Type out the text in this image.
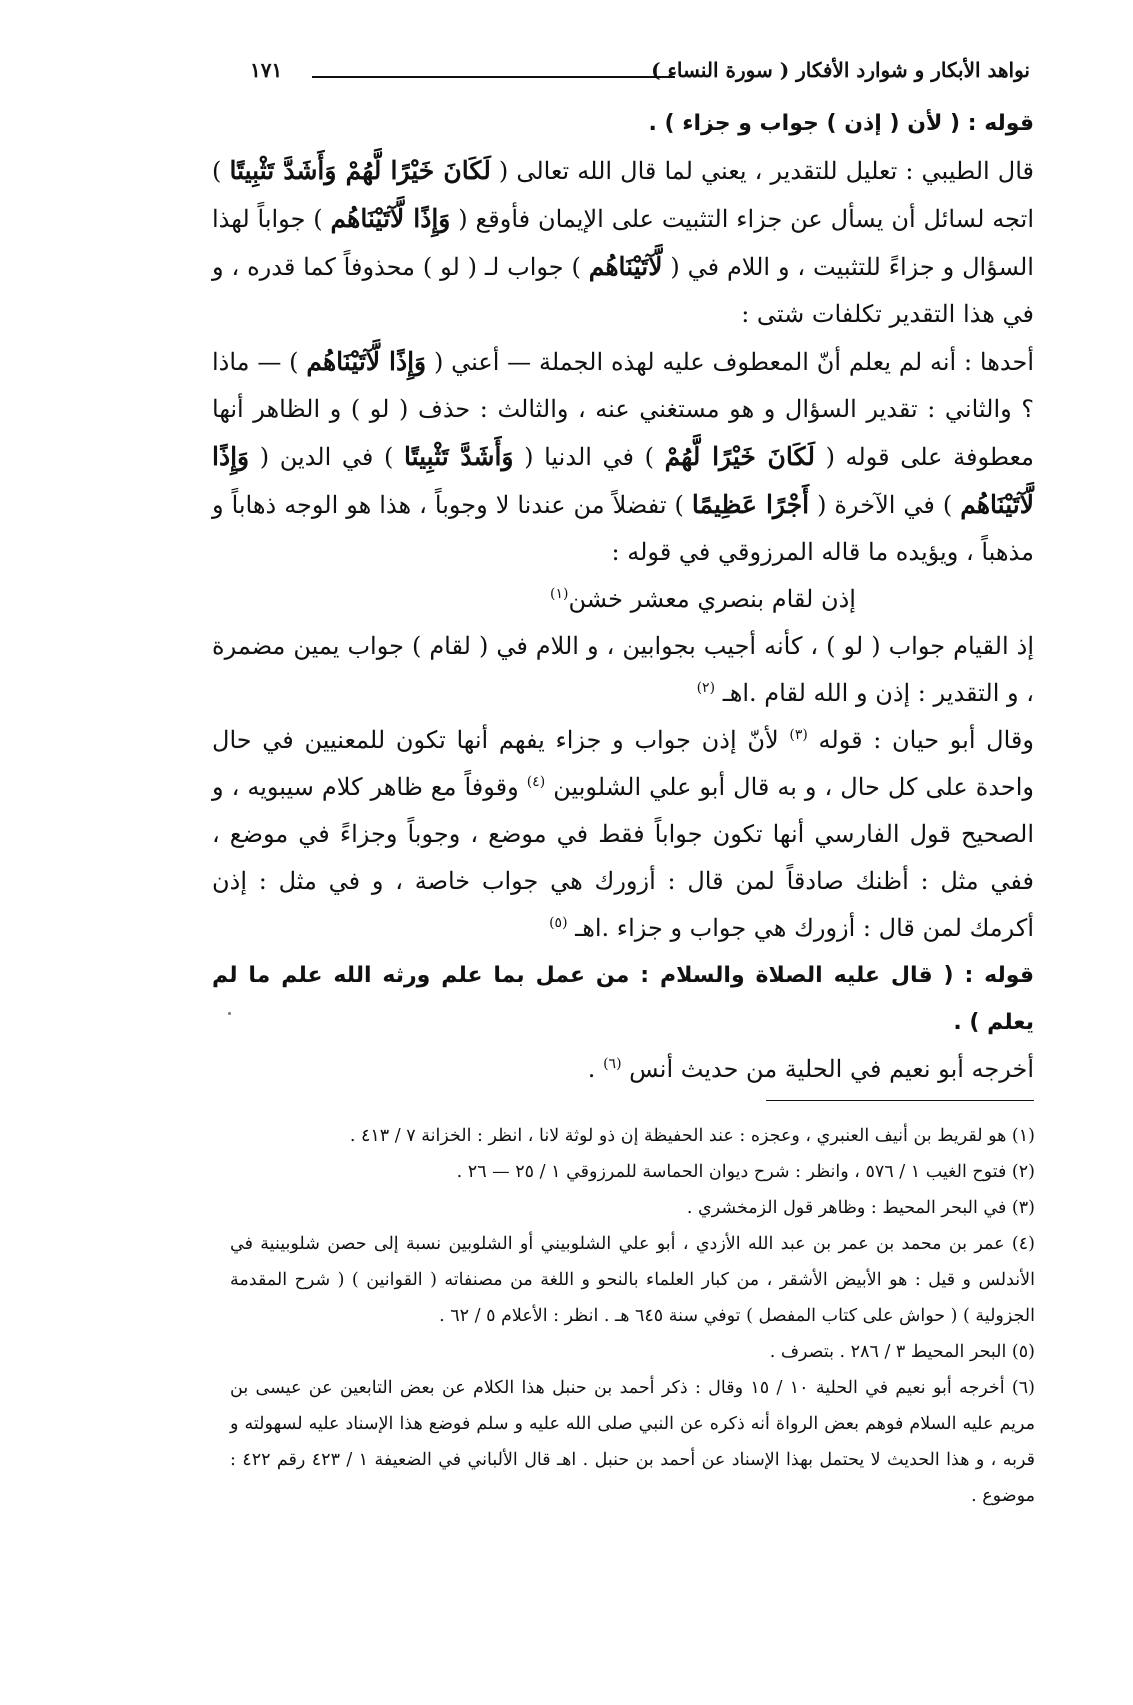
نواهد الأبكار و شوارد الأفكار ( سورة النساء )
١٧١

قوله : ( لأن ( إذن ) جواب و جزاء ) .

قال الطيبي : تعليل للتقدير ، يعني لما قال الله تعالى ( لَكَانَ خَيْرًا لَّهُمْ وَأَشَدَّ تَثْبِيتًا ) اتجه لسائل أن يسأل عن جزاء التثبيت على الإيمان فأوقع ( وَإِذًا لَّآتَيْنَاهُم ) جواباً لهذا السؤال و جزاءً للتثبيت ، و اللام في ( لَّآتَيْنَاهُم ) جواب لـ ( لو ) محذوفاً كما قدره ، و في هذا التقدير تكلفات شتى :

أحدها : أنه لم يعلم أنّ المعطوف عليه لهذه الجملة — أعني ( وَإِذًا لَّآتَيْنَاهُم ) — ماذا ؟ والثاني : تقدير السؤال و هو مستغني عنه ، والثالث : حذف ( لو ) و الظاهر أنها معطوفة على قوله ( لَكَانَ خَيْرًا لَّهُمْ ) في الدنيا ( وَأَشَدَّ تَثْبِيتًا ) في الدين ( وَإِذًا لَّآتَيْنَاهُم ) في الآخرة ( أَجْرًا عَظِيمًا ) تفضلاً من عندنا لا وجوباً ، هذا هو الوجه ذهاباً و مذهباً ، ويؤيده ما قاله المرزوقي في قوله :

إذن لقام بنصري معشر خشن$^{(١)}$

إذ القيام جواب ( لو ) ، كأنه أجيب بجوابين ، و اللام في ( لقام ) جواب يمين مضمرة ، و التقدير : إذن و الله لقام .اهـ $^{(٢)}$

وقال أبو حيان : قوله $^{(٣)}$ لأنّ إذن جواب و جزاء يفهم أنها تكون للمعنيين في حال واحدة على كل حال ، و به قال أبو علي الشلوبين $^{(٤)}$ وقوفاً مع ظاهر كلام سيبويه ، و الصحيح قول الفارسي أنها تكون جواباً فقط في موضع ، وجوباً وجزاءً في موضع ، ففي مثل : أظنك صادقاً لمن قال : أزورك هي جواب خاصة ، و في مثل : إذن أكرمك لمن قال : أزورك هي جواب و جزاء .اهـ $^{(٥)}$

قوله : ( قال عليه الصلاة والسلام : من عمل بما علم ورثه الله علم ما لم يعلم ) .

أخرجه أبو نعيم في الحلية من حديث أنس $^{(٦)}$ .

(١) هو لقريط بن أنيف العنبري ، وعجزه : عند الحفيظة إن ذو لوثة لانا ، انظر : الخزانة ٧ / ٤١٣ .

(٢) فتوح الغيب ١ / ٥٧٦ ، وانظر : شرح ديوان الحماسة للمرزوقي ١ / ٢٥ — ٢٦ .

(٣) في البحر المحيط : وظاهر قول الزمخشري .

(٤) عمر بن محمد بن عمر بن عبد الله الأزدي ، أبو علي الشلوبيني أو الشلوبين نسبة إلى حصن شلوبينية في الأندلس و قيل : هو الأبيض الأشقر ، من كبار العلماء بالنحو و اللغة من مصنفاته ( القوانين ) ( شرح المقدمة الجزولية ) ( حواش على كتاب المفصل ) توفي سنة ٦٤٥ هـ . انظر : الأعلام ٥ / ٦٢ .

(٥) البحر المحيط ٣ / ٢٨٦ . بتصرف .

(٦) أخرجه أبو نعيم في الحلية ١٠ / ١٥ وقال : ذكر أحمد بن حنبل هذا الكلام عن بعض التابعين عن عيسى بن مريم عليه السلام فوهم بعض الرواة أنه ذكره عن النبي صلى الله عليه و سلم فوضع هذا الإسناد عليه لسهولته و قربه ، و هذا الحديث لا يحتمل بهذا الإسناد عن أحمد بن حنبل . اهـ قال الألباني في الضعيفة ١ / ٤٢٣ رقم ٤٢٢ : موضوع .
